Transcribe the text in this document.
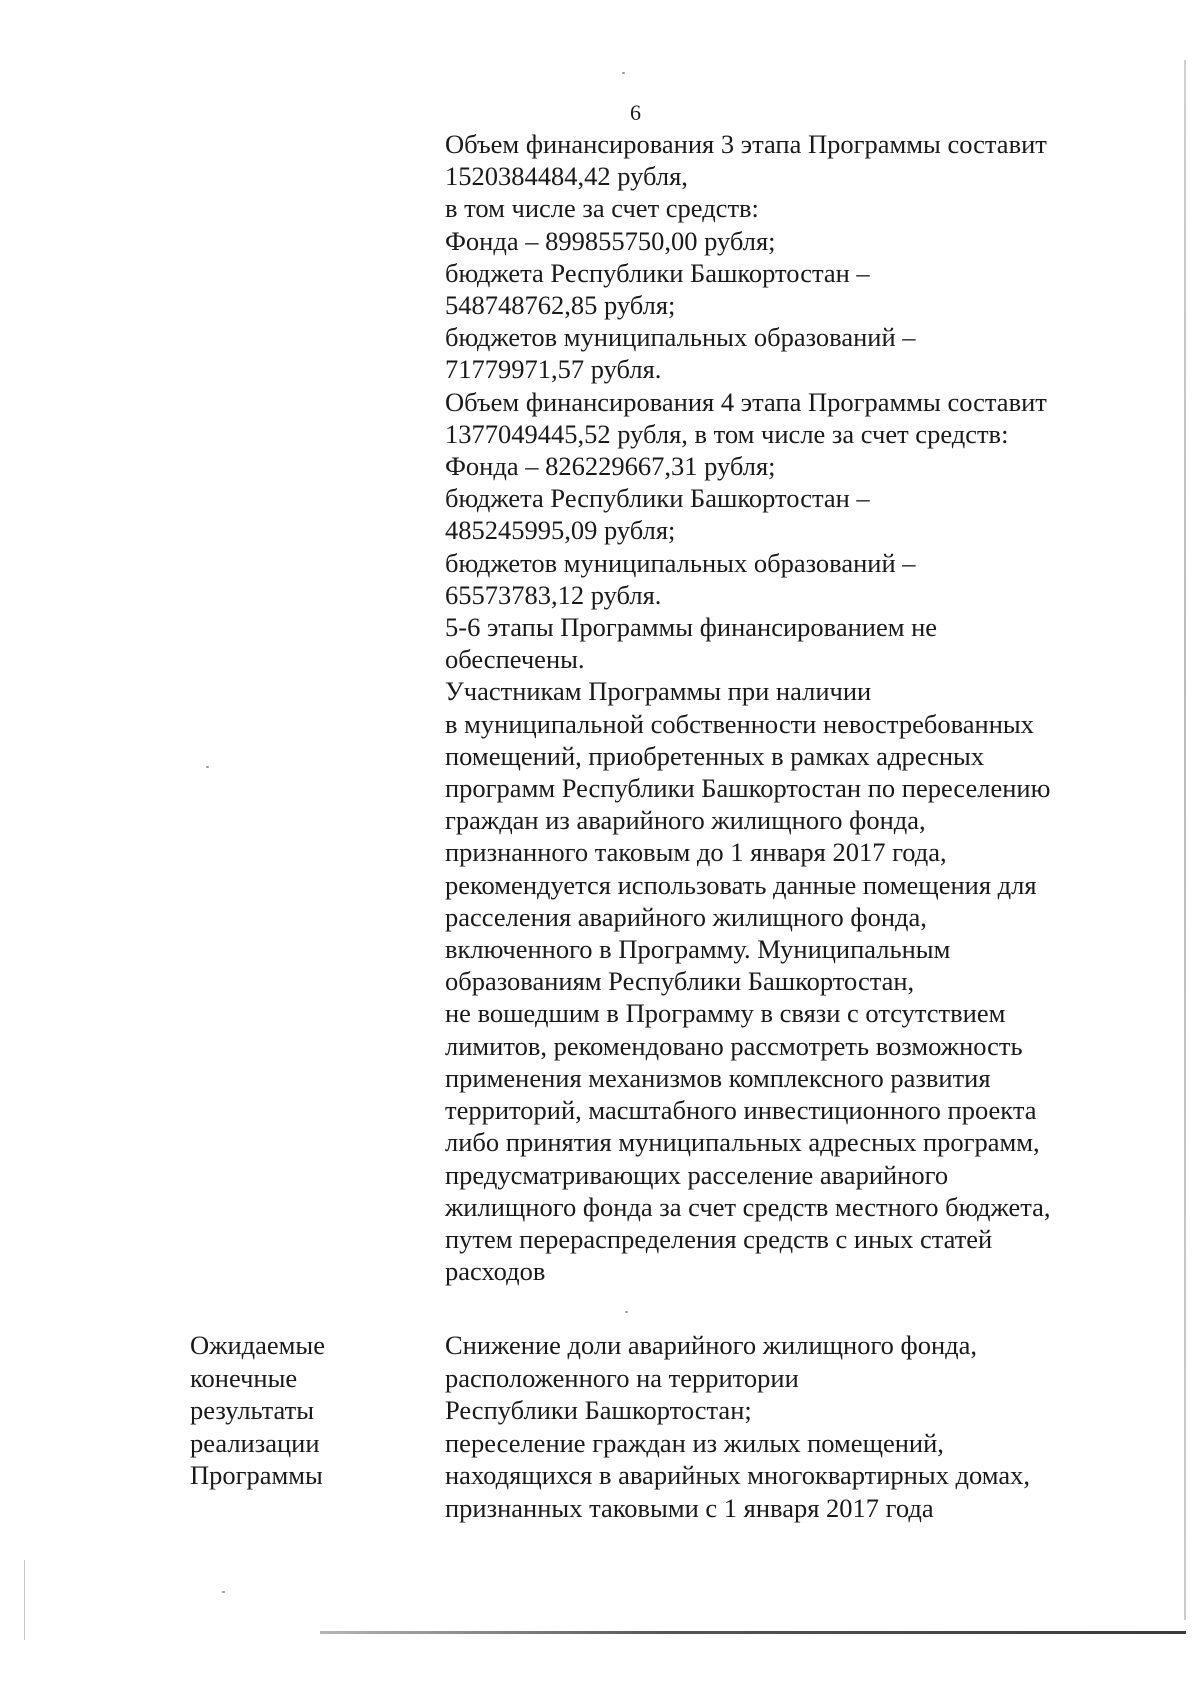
6
Объем финансирования 3 этапа Программы составит
1520384484,42 рубля,
в том числе за счет средств:
Фонда – 899855750,00 рубля;
бюджета Республики Башкортостан –
548748762,85 рубля;
бюджетов муниципальных образований –
71779971,57 рубля.
Объем финансирования 4 этапа Программы составит
1377049445,52 рубля, в том числе за счет средств:
Фонда – 826229667,31 рубля;
бюджета Республики Башкортостан –
485245995,09 рубля;
бюджетов муниципальных образований –
65573783,12 рубля.
5-6 этапы Программы финансированием не
обеспечены.
Участникам Программы при наличии
в муниципальной собственности невостребованных
помещений, приобретенных в рамках адресных
программ Республики Башкортостан по переселению
граждан из аварийного жилищного фонда,
признанного таковым до 1 января 2017 года,
рекомендуется использовать данные помещения для
расселения аварийного жилищного фонда,
включенного в Программу. Муниципальным
образованиям Республики Башкортостан,
не вошедшим в Программу в связи с отсутствием
лимитов, рекомендовано рассмотреть возможность
применения механизмов комплексного развития
территорий, масштабного инвестиционного проекта
либо принятия муниципальных адресных программ,
предусматривающих расселение аварийного
жилищного фонда за счет средств местного бюджета,
путем перераспределения средств с иных статей
расходов
Ожидаемые
конечные
результаты
реализации
Программы
Снижение доли аварийного жилищного фонда,
расположенного на территории
Республики Башкортостан;
переселение граждан из жилых помещений,
находящихся в аварийных многоквартирных домах,
признанных таковыми с 1 января 2017 года
